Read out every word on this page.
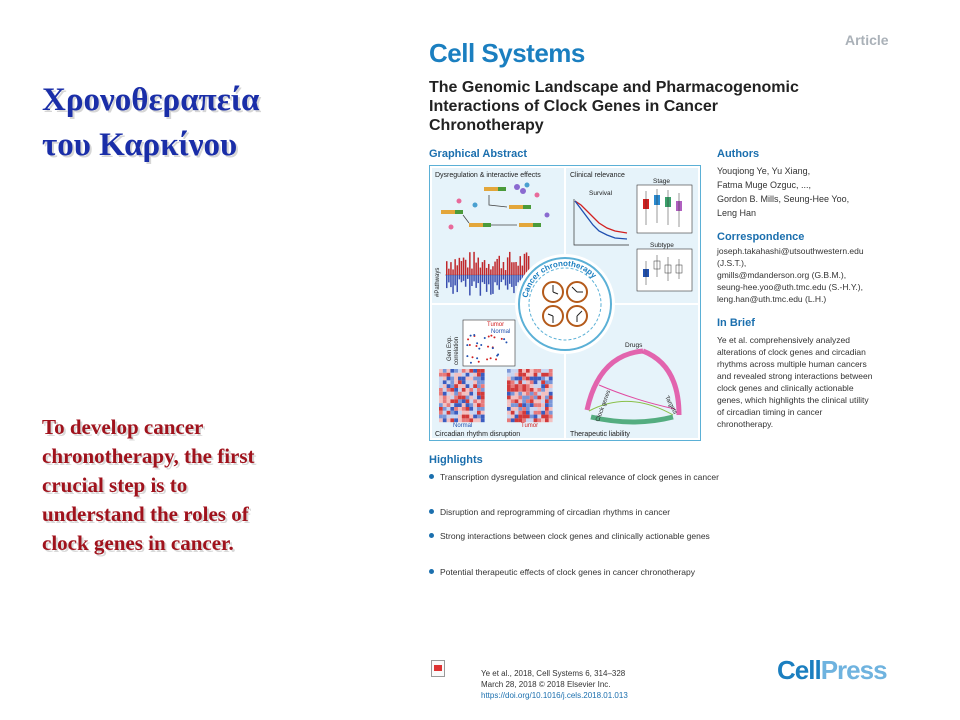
Χρονοθεραπεία
του Καρκίνου
To develop cancer
chronotherapy, the first
crucial step is to
understand the roles of
clock genes in cancer.
Article
Cell Systems
The Genomic Landscape and Pharmacogenomic
Interactions of Clock Genes in Cancer
Chronotherapy
Graphical Abstract
Dysregulation & interactive effects	Clinical relevance
#Pathways
Survival
Stage
Subtype
Cancer chronotherapy
Gen Exp. correlation
Tumor
Normal
Normal	Tumor
Circadian rhythm disruption
Drugs
Clock genes	Targets
Therapeutic liability
Authors
Youqiong Ye, Yu Xiang,
Fatma Muge Ozguc, ...,
Gordon B. Mills, Seung-Hee Yoo,
Leng Han
Correspondence
joseph.takahashi@utsouthwestern.edu
(J.S.T.),
gmills@mdanderson.org (G.B.M.),
seung-hee.yoo@uth.tmc.edu (S.-H.Y.),
leng.han@uth.tmc.edu (L.H.)
In Brief
Ye et al. comprehensively analyzed
alterations of clock genes and circadian
rhythms across multiple human cancers
and revealed strong interactions between
clock genes and clinically actionable
genes, which highlights the clinical utility
of circadian timing in cancer
chronotherapy.
Highlights
Transcription dysregulation and clinical relevance of clock genes in cancer
Disruption and reprogramming of circadian rhythms in cancer
Strong interactions between clock genes and clinically actionable genes
Potential therapeutic effects of clock genes in cancer chronotherapy
Ye et al., 2018, Cell Systems 6, 314–328
March 28, 2018 © 2018 Elsevier Inc.
https://doi.org/10.1016/j.cels.2018.01.013
CellPress
